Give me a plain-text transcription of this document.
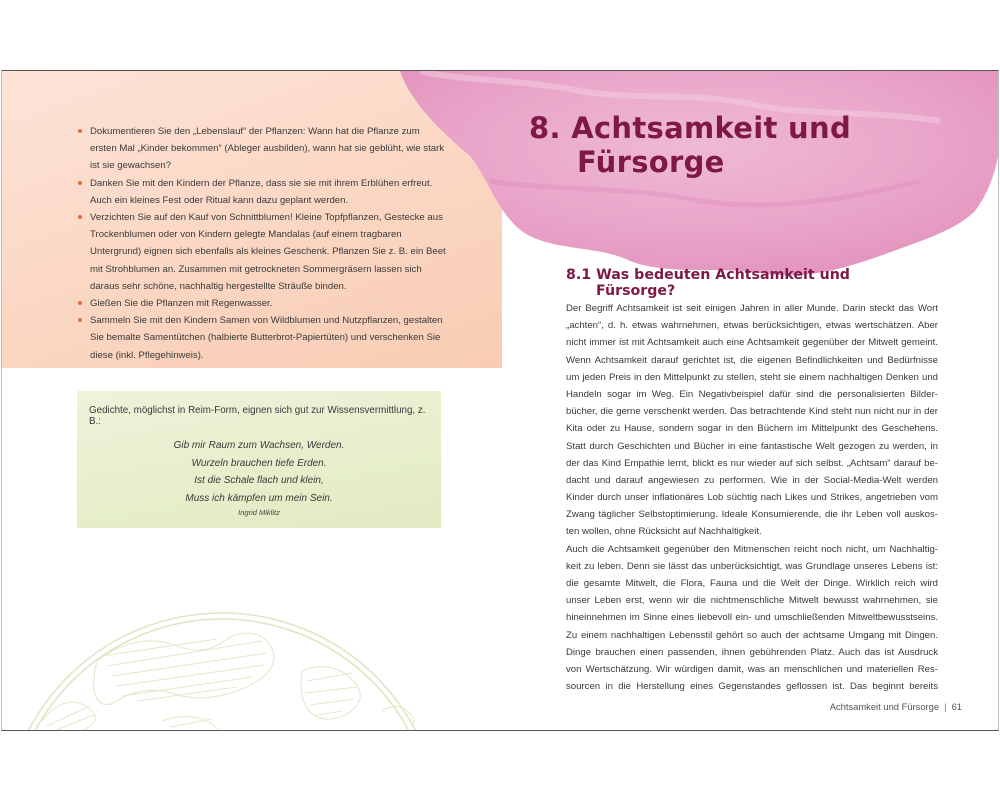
Dokumentieren Sie den „Lebenslauf“ der Pflanzen: Wann hat die Pflanze zum ersten Mal „Kinder bekommen“ (Ableger ausbilden), wann hat sie geblüht, wie stark ist sie gewachsen?
Danken Sie mit den Kindern der Pflanze, dass sie sie mit ihrem Erblühen erfreut. Auch ein kleines Fest oder Ritual kann dazu geplant werden.
Verzichten Sie auf den Kauf von Schnittblumen! Kleine Topfpflanzen, Gestecke aus Trockenblumen oder von Kindern gelegte Mandalas (auf einem tragbaren Untergrund) eignen sich ebenfalls als kleines Geschenk. Pflanzen Sie z. B. ein Beet mit Strohblumen an. Zusammen mit getrockneten Sommergräsern lassen sich daraus sehr schöne, nachhaltig hergestellte Sträuße binden.
Gießen Sie die Pflanzen mit Regenwasser.
Sammeln Sie mit den Kindern Samen von Wildblumen und Nutzpflanzen, gestalten Sie bemalte Samentütchen (halbierte Butterbrot-Papiertüten) und verschenken Sie diese (inkl. Pflegehinweis).

Gedichte, möglichst in Reim-Form, eignen sich gut zur Wissensvermittlung, z. B.:

Gib mir Raum zum Wachsen, Werden.
Wurzeln brauchen tiefe Erden.
Ist die Schale flach und klein,
Muss ich kämpfen um mein Sein.
Ingrid Miklitz
8. Achtsamkeit und
Fürsorge
8.1 Was bedeuten Achtsamkeit und
Fürsorge?
Der Begriff Achtsamkeit ist seit einigen Jahren in aller Munde. Darin steckt das Wort
„achten“, d. h. etwas wahrnehmen, etwas berücksichtigen, etwas wertschätzen. Aber
nicht immer ist mit Achtsamkeit auch eine Achtsamkeit gegenüber der Mitwelt gemeint.
Wenn Achtsamkeit darauf gerichtet ist, die eigenen Befindlichkeiten und Bedürfnisse
um jeden Preis in den Mittelpunkt zu stellen, steht sie einem nachhaltigen Denken und
Handeln sogar im Weg. Ein Negativbeispiel dafür sind die personalisierten Bilder-
bücher, die gerne verschenkt werden. Das betrachtende Kind steht nun nicht nur in der
Kita oder zu Hause, sondern sogar in den Büchern im Mittelpunkt des Geschehens.
Statt durch Geschichten und Bücher in eine fantastische Welt gezogen zu werden, in
der das Kind Empathie lernt, blickt es nur wieder auf sich selbst. „Achtsam“ darauf be-
dacht und darauf angewiesen zu performen. Wie in der Social-Media-Welt werden
Kinder durch unser inflationäres Lob süchtig nach Likes und Strikes, angetrieben vom
Zwang täglicher Selbstoptimierung. Ideale Konsumierende, die ihr Leben voll auskos-
ten wollen, ohne Rücksicht auf Nachhaltigkeit.
Auch die Achtsamkeit gegenüber den Mitmenschen reicht noch nicht, um Nachhaltig-
keit zu leben. Denn sie lässt das unberücksichtigt, was Grundlage unseres Lebens ist:
die gesamte Mitwelt, die Flora, Fauna und die Welt der Dinge. Wirklich reich wird
unser Leben erst, wenn wir die nichtmenschliche Mitwelt bewusst wahrnehmen, sie
hineinnehmen im Sinne eines liebevoll ein- und umschließenden Mitweltbewusstseins.
Zu einem nachhaltigen Lebensstil gehört so auch der achtsame Umgang mit Dingen.
Dinge brauchen einen passenden, ihnen gebührenden Platz. Auch das ist Ausdruck
von Wertschätzung. Wir würdigen damit, was an menschlichen und materiellen Res-
sourcen in die Herstellung eines Gegenstandes geflossen ist. Das beginnt bereits
Achtsamkeit und Fürsorge | 61
